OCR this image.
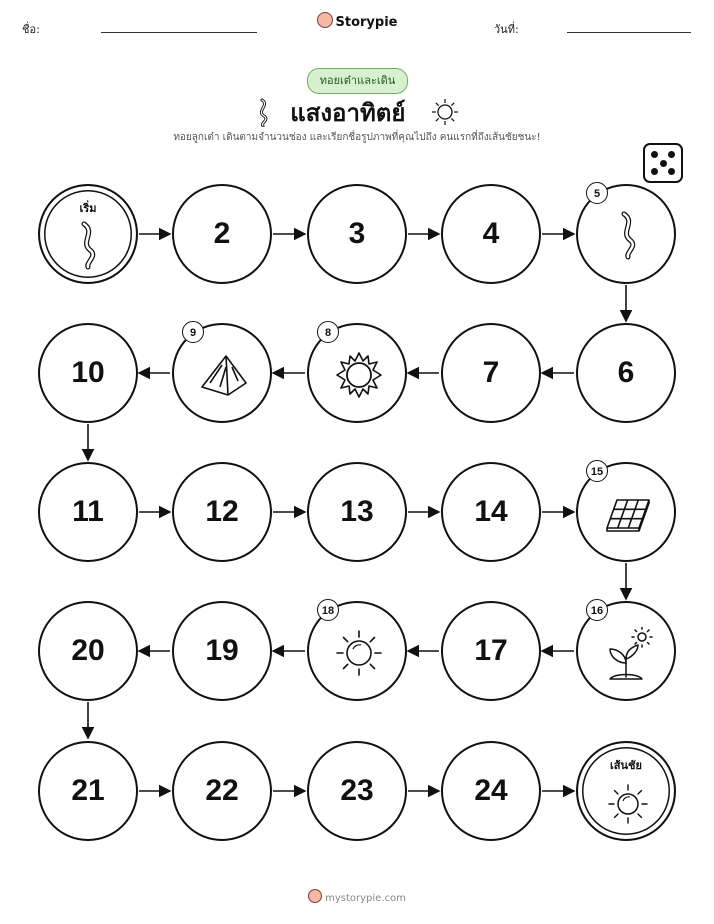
ชื่อ:	Storypie	วันที่:
ทอยเต๋าและเดิน
แสงอาทิตย์
ทอยลูกเต๋า เดินตามจำนวนช่อง และเรียกชื่อรูปภาพที่คุณไปถึง คนแรกที่ถึงเส้นชัยชนะ!
เริ่ม
2	3	4
5
10
9	8
7	6
11	12	13	14
15
20	19
18
17
16
21	22	23	24
เส้นชัย
mystorypie.com
